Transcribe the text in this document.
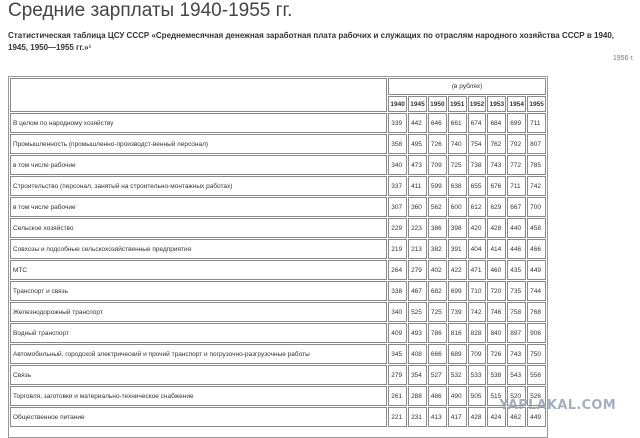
Средние зарплаты 1940-1955 гг.
Статистическая таблица ЦСУ СССР «Среднемесячная денежная заработная плата рабочих и служащих по отраслям народного хозяйства СССР в 1940, 1945, 1950—1955 гг.»¹
1956 г.
	(в рублях)							
	1940	1945	1950	1951	1952	1953	1954	1955
В целом по народному хозяйству	339	442	646	661	674	684	699	711
Промышленность (промышленно-производст-венный персонал)	358	495	726	740	754	762	792	807
в том числе рабочие	340	473	709	725	738	743	772	785
Строительство (персонал, занятый на строительно-монтажных работах)	337	411	599	638	655	676	711	742
в том числе рабочие	307	360	562	600	612	629	667	700
Сельское хозяйство	229	223	386	398	420	428	440	458
Совхозы и подсобные сельскохозяйственные предприятия	219	213	382	391	404	414	446	466
МТС	264	279	402	422	471	460	435	449
Транспорт и связь	338	467	682	699	710	720	735	744
Железнодорожный транспорт	340	525	725	739	742	746	758	768
Водный транспорт	409	493	786	816	828	840	897	906
Автомобильный, городской электрический и прочий транспорт и погрузочно-разгрузочные работы	345	408	666	689	709	726	743	750
Связь	279	354	527	532	533	538	543	556
Торговля, заготовки и материально-техническое снабжение	261	288	486	490	505	515	520	526
Общественное питание	221	231	413	417	428	424	462	449
YAPLAKAL.COM
